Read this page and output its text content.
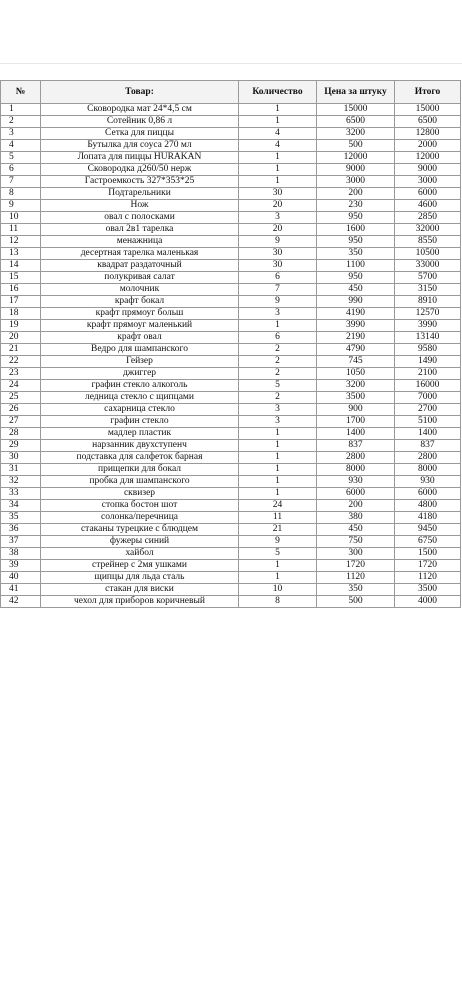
№	Товар:	Количество	Цена за штуку	Итого
1	Сковородка мат 24*4,5 см	1	15000	15000
2	Сотейник 0,86 л	1	6500	6500
3	Сетка для пиццы	4	3200	12800
4	Бутылка для соуса 270 мл	4	500	2000
5	Лопата для пиццы HURAKAN	1	12000	12000
6	Сковородка д260/50 нерж	1	9000	9000
7	Гастроемкость 327*353*25	1	3000	3000
8	Подтарельники	30	200	6000
9	Нож	20	230	4600
10	овал с полосками	3	950	2850
11	овал 2в1 тарелка	20	1600	32000
12	менажница	9	950	8550
13	десертная тарелка маленькая	30	350	10500
14	квадрат раздаточный	30	1100	33000
15	полукривая салат	6	950	5700
16	молочник	7	450	3150
17	крафт бокал	9	990	8910
18	крафт прямоуг больш	3	4190	12570
19	крафт прямоуг маленький	1	3990	3990
20	крафт овал	6	2190	13140
21	Ведро для шампанского	2	4790	9580
22	Гейзер	2	745	1490
23	джиггер	2	1050	2100
24	графин стекло алкоголь	5	3200	16000
25	ледница стекло с щипцами	2	3500	7000
26	сахарница стекло	3	900	2700
27	графин стекло	3	1700	5100
28	мадлер пластик	1	1400	1400
29	нарзанник двухступенч	1	837	837
30	подставка для салфеток барная	1	2800	2800
31	прищепки для бокал	1	8000	8000
32	пробка для шампанского	1	930	930
33	сквизер	1	6000	6000
34	стопка бостон шот	24	200	4800
35	солонка/перечница	11	380	4180
36	стаканы турецкие с блюдцем	21	450	9450
37	фужеры синий	9	750	6750
38	хайбол	5	300	1500
39	стрейнер с 2мя ушками	1	1720	1720
40	щипцы для льда сталь	1	1120	1120
41	стакан для виски	10	350	3500
42	чехол для приборов коричневый	8	500	4000
